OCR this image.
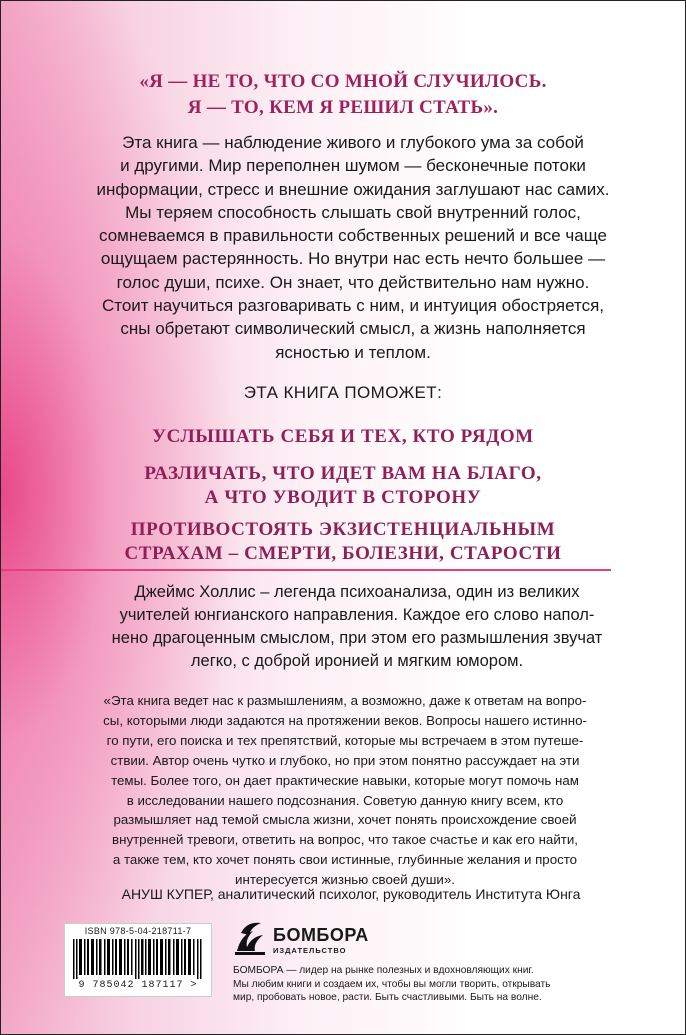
«Я — НЕ ТО, ЧТО СО МНОЙ СЛУЧИЛОСЬ.
Я — ТО, КЕМ Я РЕШИЛ СТАТЬ».
Эта книга — наблюдение живого и глубокого ума за собой
и другими. Мир переполнен шумом — бесконечные потоки
информации, стресс и внешние ожидания заглушают нас самих.
Мы теряем способность слышать свой внутренний голос,
сомневаемся в правильности собственных решений и все чаще
ощущаем растерянность. Но внутри нас есть нечто большее —
голос души, психе. Он знает, что действительно нам нужно.
Стоит научиться разговаривать с ним, и интуиция обостряется,
сны обретают символический смысл, а жизнь наполняется
ясностью и теплом.
ЭТА КНИГА ПОМОЖЕТ:
УСЛЫШАТЬ СЕБЯ И ТЕХ, КТО РЯДОМ
РАЗЛИЧАТЬ, ЧТО ИДЕТ ВАМ НА БЛАГО,
А ЧТО УВОДИТ В СТОРОНУ
ПРОТИВОСТОЯТЬ ЭКЗИСТЕНЦИАЛЬНЫМ
СТРАХАМ – СМЕРТИ, БОЛЕЗНИ, СТАРОСТИ
Джеймс Холлис – легенда психоанализа, один из великих
учителей юнгианского направления. Каждое его слово напол-
нено драгоценным смыслом, при этом его размышления звучат
легко, с доброй иронией и мягким юмором.
«Эта книга ведет нас к размышлениям, а возможно, даже к ответам на вопро-
сы, которыми люди задаются на протяжении веков. Вопросы нашего истинно-
го пути, его поиска и тех препятствий, которые мы встречаем в этом путеше-
ствии. Автор очень чутко и глубоко, но при этом понятно рассуждает на эти
темы. Более того, он дает практические навыки, которые могут помочь нам
в исследовании нашего подсознания. Советую данную книгу всем, кто
размышляет над темой смысла жизни, хочет понять происхождение своей
внутренней тревоги, ответить на вопрос, что такое счастье и как его найти,
а также тем, кто хочет понять свои истинные, глубинные желания и просто
интересуется жизнью своей души».
АНУШ КУПЕР, аналитический психолог, руководитель Института Юнга
ISBN 978-5-04-218711-7
9 785042 187117 >
БОМБОРА
ИЗДАТЕЛЬСТВО
БОМБОРА — лидер на рынке полезных и вдохновляющих книг.
Мы любим книги и создаем их, чтобы вы могли творить, открывать
мир, пробовать новое, расти. Быть счастливыми. Быть на волне.
